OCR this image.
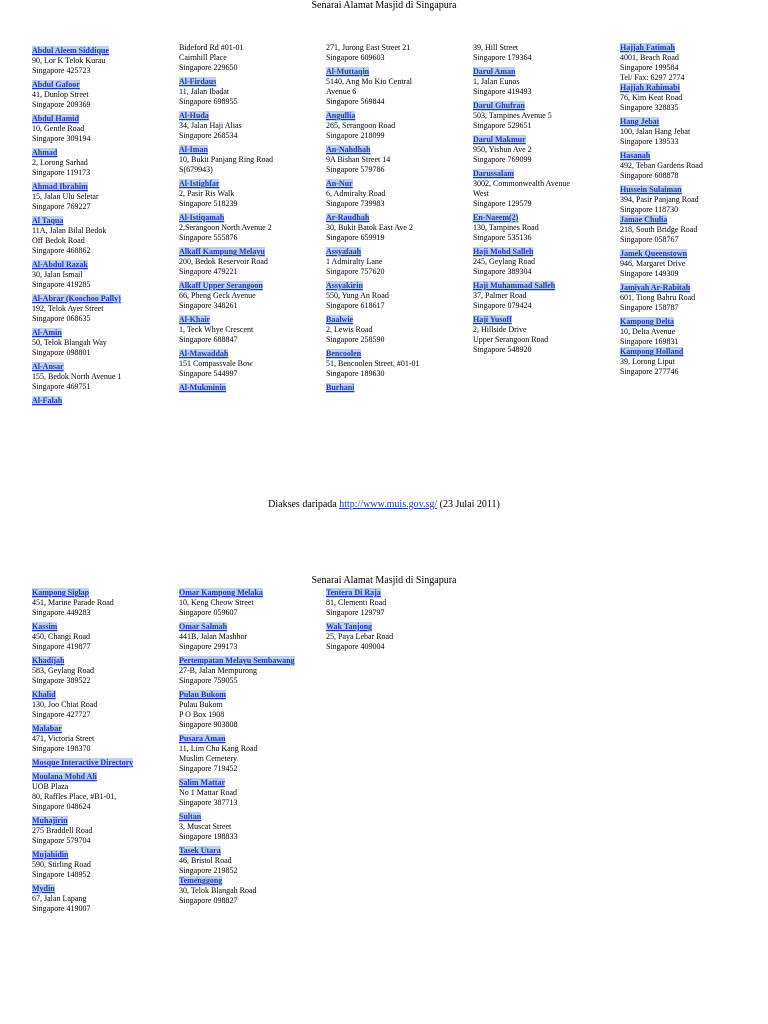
Senarai Alamat Masjid di Singapura
Abdul Aleem Siddique
90, Lor K Telok Kurau
Singapore 425723
Abdul Gafoor
41, Dunlop Street
Singapore 209369
Abdul Hamid
10, Gentle Road
Singapore 309194
Ahmad
2, Lorong Sarhad
Singapore 119173
Ahmad Ibrahim
15, Jalan Ulu Seletar
Singapore 769227
Al Taqua
11A, Jalan Bilal Bedok
Off Bedok Road
Singapore 468862
Al-Abdul Razak
30, Jalan Ismail
Singapore 419285
Al-Abrar (Koochoo Pally)
192, Telok Ayer Street
Singapore 068635
Al-Amin
50, Telok Blangah Way
Singapore 098801
Al-Ansar
155, Bedok North Avenue 1
Singapore 469751
Al-Falah
Bideford Rd #01-01
Cairnhill Place
Singapore 229650
Al-Firdaus
11, Jalan Ibadat
Singapore 698955
Al-Huda
34, Jalan Haji Alias
Singapore 268534
Al-Iman
10, Bukit Panjang Ring Road
S(679943)
Al-Istighfar
2, Pasir Ris Walk
Singapore 518239
Al-Istiqamah
2,Serangoon North Avenue 2
Singapore 555876
Alkaff Kampung Melayu
200, Bedok Reservoir Road
Singapore 479221
Alkaff Upper Serangoon
66, Pheng Geck Avenue
Singapore 348261
Al-Khair
1, Teck Whye Crescent
Singapore 688847
Al-Mawaddah
151 Compassvale Bow
Singapore 544997
Al-Mukminin
271, Jurong East Street 21
Singapore 609603
Al-Muttaqin
5140, Ang Mo Kio Central
Avenue 6
Singapore 569844
Angullia
265, Serangoon Road
Singapore 218099
An-Nahdhah
9A Bishan Street 14
Singapore 579786
An-Nur
6, Admiralty Road
Singapore 739983
Ar-Raudhah
30, Bukit Batok East Ave 2
Singapore 659919
Assyafaah
1 Admiralty Lane
Singapore 757620
Assyakirin
550, Yung An Road
Singapore 618617
Baalwie
2, Lewis Road
Singapore 258590
Bencoolen
51, Bencoolen Street, #01-01
Singapore 189630
Burhani
39, Hill Street
Singapore 179364
Darul Aman
1, Jalan Eunos
Singapore 419493
Darul Ghufran
503, Tampines Avenue 5
Singapore 529651
Darul Makmur
950, Yishun Ave 2
Singapore 769099
Darussalam
3002, Commonwealth Avenue
West
Singapore 129579
En-Naeem(2)
130, Tampines Road
Singapore 535136
Haji Mohd Salleh
245, Geylang Road
Singapore 389304
Haji Muhammad Salleh
37, Palmer Road
Singapore 079424
Haji Yusoff
2, Hillside Drive
Upper Serangoon Road
Singapore 548920
Hajjah Fatimah
4001, Beach Road
Singapore 199584
Tel/ Fax: 6297 2774
Hajjah Rahimabi
76, Kim Keat Road
Singapore 328835
Hang Jebat
100, Jalan Hang Jebat
Singapore 139533
Hasanah
492, Teban Gardens Road
Singapore 608878
Hussein Sulaiman
394, Pasir Panjang Road
Singapore 118730
Jamae Chulia
218, South Bridge Road
Singapore 058767
Jamek Queenstown
946, Margaret Drive
Singapore 149309
Jamiyah Ar-Rabitah
601, Tiong Bahru Road
Singapore 158787
Kampong Delta
10, Delta Avenue
Singapore 169831
Kampong Holland
39, Lorong Liput
Singapore 277746
Diakses daripada http://www.muis.gov.sg/ (23 Julai 2011)
Senarai Alamat Masjid di Singapura
Kampong Siglap
451, Marine Parade Road
Singapore 449283
Kassim
450, Changi Road
Singapore 419877
Khadijah
583, Geylang Road
Singapore 389522
Khalid
130, Joo Chiat Road
Singapore 427727
Malabar
471, Victoria Street
Singapore 198370
Mosque Interactive Directory
Moulana Mohd Ali
UOB Plaza
80, Raffles Place, #B1-01,
Singapore 048624
Muhajirin
275 Braddell Road
Singapore 579704
Mujahidin
590, Stirling Road
Singapore 148952
Mydin
67, Jalan Lapang
Singapore 419007
Omar Kampong Melaka
10, Keng Cheow Street
Singapore 059607
Omar Salmah
441B, Jalan Mashhor
Singapore 299173
Pertempatan Melayu Sembawang
27-B, Jalan Mempurong
Singapore 759055
Pulau Bukom
Pulau Bukom
P O Box 1908
Singapore 903808
Pusara Aman
11, Lim Chu Kang Road
Muslim Cemetery
Singapore 719452
Salim Mattar
No 1 Mattar Road
Singapore 387713
Sultan
3, Muscat Street
Singapore 198833
Tasek Utara
46, Bristol Road
Singapore 219852
Temenggong
30, Telok Blangah Road
Singapore 098827
Tentera Di Raja
81, Clementi Road
Singapore 129797
Wak Tanjong
25, Paya Lebar Road
Singapore 409004
